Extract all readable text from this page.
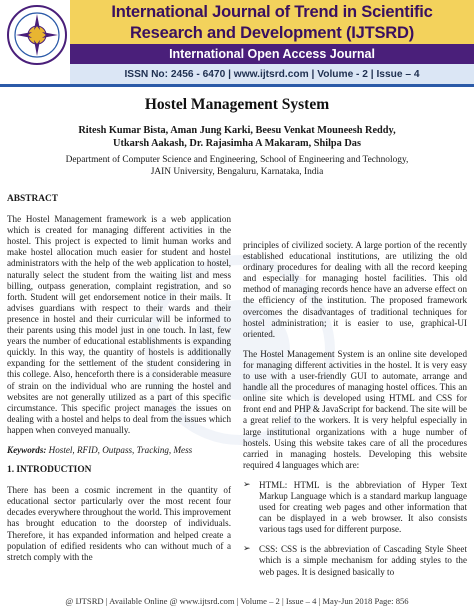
International Journal of Trend in Scientific
Research and Development (IJTSRD)
International Open Access Journal
ISSN No: 2456 - 6470 | www.ijtsrd.com | Volume - 2 | Issue – 4
Hostel Management System
Ritesh Kumar Bista, Aman Jung Karki, Beesu Venkat Mouneesh Reddy,
Utkarsh Aakash, Dr. Rajasimha A Makaram, Shilpa Das
Department of Computer Science and Engineering, School of Engineering and Technology,
JAIN University, Bengaluru, Karnataka, India

ABSTRACT

The Hostel Management framework is a web application which is created for managing different activities in the hostel. This project is expected to limit human works and make hostel allocation much easier for student and hostel administrators with the help of the web application to hostel, naturally select the student from the waiting list and mess billing, outpass generation, complaint registration, and so forth. Student will get endorsement notice in their mails. It advises guardians with respect to their wards and their presence in hostel and their curricular will be informed to their parents using this model just in one touch. In last, few years the number of educational establishments is expanding quickly. In this way, the quantity of hostels is additionally expanding for the settlement of the student considering in this college. Also, henceforth there is a considerable measure of strain on the individual who are running the hostel and websites are not generally utilized as a part of this specific circumstance. This specific project manages the issues on dealing with a hostel and helps to deal from the issues which happen when conveyed manually.

Keywords: Hostel, RFID, Outpass, Tracking, Mess

1. INTRODUCTION

There has been a cosmic increment in the quantity of educational sector particularly over the most recent four decades everywhere throughout the world. This improvement has brought education to the doorstep of individuals. Therefore, it has expanded information and helped create a population of edified residents who can without much of a stretch comply with the

principles of civilized society. A large portion of the recently established educational institutions, are utilizing the old ordinary procedures for dealing with all the record keeping and especially for managing hostel facilities. This old method of managing records hence have an adverse effect on the efficiency of the institution. The proposed framework overcomes the disadvantages of traditional techniques for hostel administration; it is easier to use, graphical-UI oriented.

The Hostel Management System is an online site developed for managing different activities in the hostel. It is very easy to use with a user-friendly GUI to automate, arrange and handle all the procedures of managing hostel offices. This an online site which is developed using HTML and CSS for front end and PHP & JavaScript for backend. The site will be a great relief to the workers. It is very helpful especially in large institutional organizations with a huge number of hostels. Using this website takes care of all the procedures carried in managing hostels. Developing this website required 4 languages which are:

➢ HTML: HTML is the abbreviation of Hyper Text Markup Language which is a standard markup language used for creating web pages and other information that can be displayed in a web browser. It also consists various tags used for different purpose.
➢ CSS: CSS is the abbreviation of Cascading Style Sheet which is a simple mechanism for adding styles to the web pages. It is designed basically to
@ IJTSRD | Available Online @ www.ijtsrd.com | Volume – 2 | Issue – 4 | May-Jun 2018 Page: 856
